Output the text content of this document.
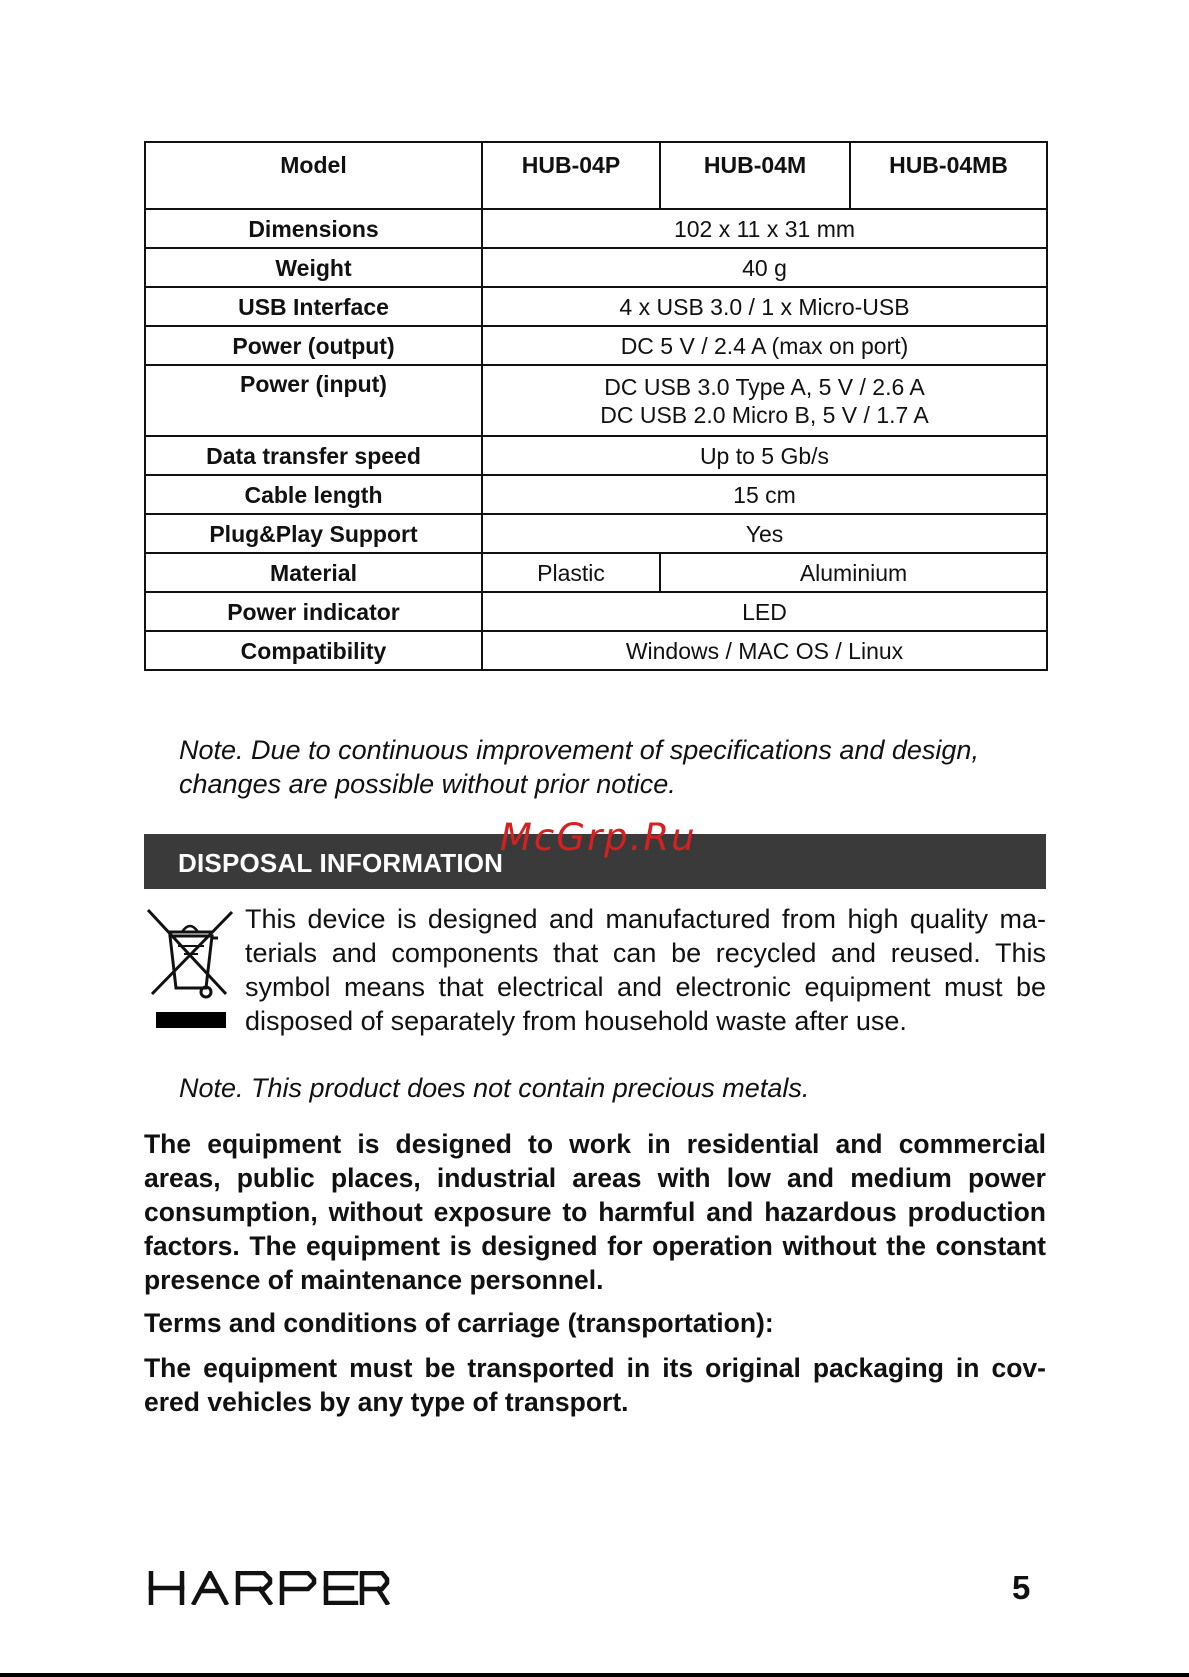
Model	HUB-04P	HUB-04M	HUB-04MB
Dimensions	102 x 11 x 31 mm		
Weight	40 g		
USB Interface	4 x USB 3.0 / 1 x Micro-USB		
Power (output)	DC 5 V / 2.4 A (max on port)		
Power (input)	DC USB 3.0 Type A, 5 V / 2.6 A
DC USB 2.0 Micro B, 5 V / 1.7 A		

Data transfer speed	Up to 5 Gb/s		
Cable length	15 cm		
Plug&Play Support	Yes		
Material	Plastic	Aluminium	
Power indicator	LED		
Compatibility	Windows / MAC OS / Linux		

Note. Due to continuous improvement of specifications and design,
changes are possible without prior notice.

DISPOSAL INFORMATION
McGrp.Ru

This device is designed and manufactured from high quality materials and components that can be recycled and reused. This symbol means that electrical and electronic equipment must be disposed of separately from household waste after use.

Note. This product does not contain precious metals.

The equipment is designed to work in residential and commercial areas, public places, industrial areas with low and medium power consumption, without exposure to harmful and hazardous production factors. The equipment is designed for operation without the constant presence of maintenance personnel.

Terms and conditions of carriage (transportation):

The equipment must be transported in its original packaging in covered vehicles by any type of transport.

5
